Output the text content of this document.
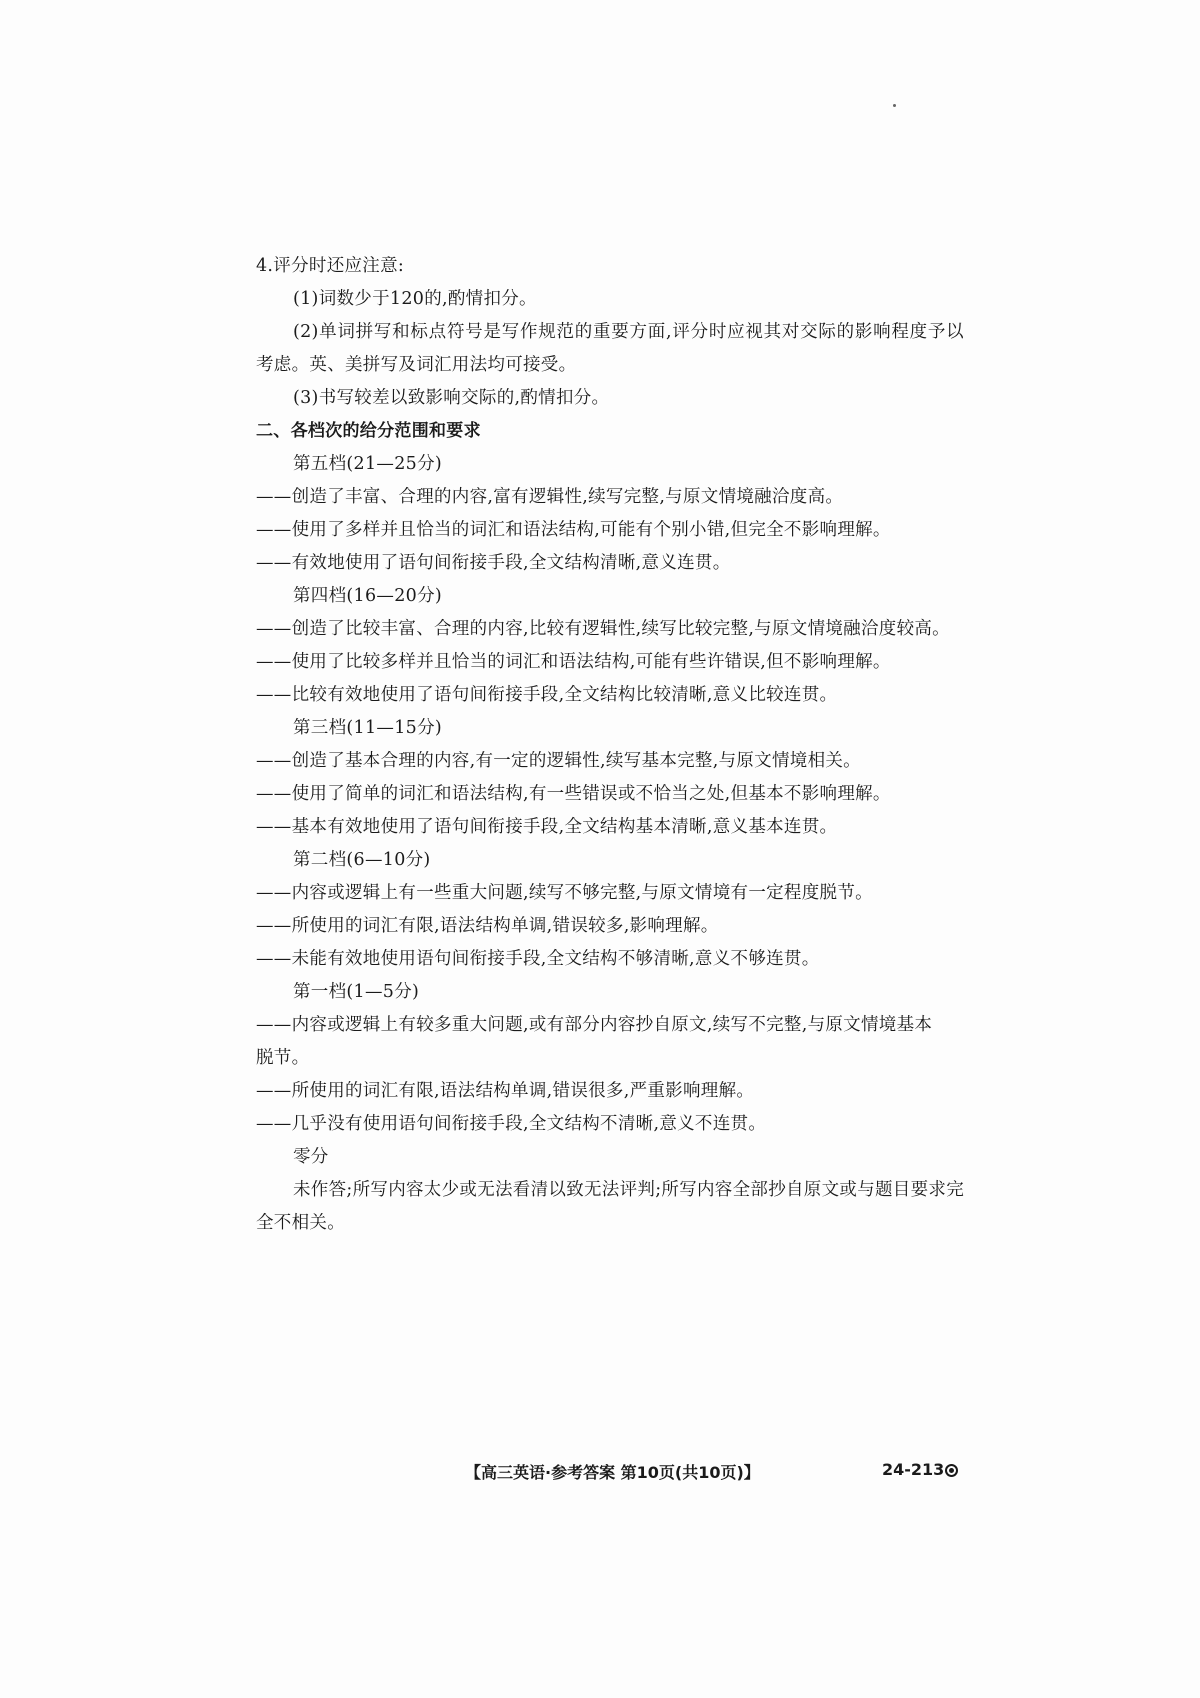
4.评分时还应注意:
(1)词数少于120的,酌情扣分。
(2)单词拼写和标点符号是写作规范的重要方面,评分时应视其对交际的影响程度予以考虑。英、美拼写及词汇用法均可接受。
(3)书写较差以致影响交际的,酌情扣分。
二、各档次的给分范围和要求
第五档(21—25分)
——创造了丰富、合理的内容,富有逻辑性,续写完整,与原文情境融洽度高。
——使用了多样并且恰当的词汇和语法结构,可能有个别小错,但完全不影响理解。
——有效地使用了语句间衔接手段,全文结构清晰,意义连贯。
第四档(16—20分)
——创造了比较丰富、合理的内容,比较有逻辑性,续写比较完整,与原文情境融洽度较高。
——使用了比较多样并且恰当的词汇和语法结构,可能有些许错误,但不影响理解。
——比较有效地使用了语句间衔接手段,全文结构比较清晰,意义比较连贯。
第三档(11—15分)
——创造了基本合理的内容,有一定的逻辑性,续写基本完整,与原文情境相关。
——使用了简单的词汇和语法结构,有一些错误或不恰当之处,但基本不影响理解。
——基本有效地使用了语句间衔接手段,全文结构基本清晰,意义基本连贯。
第二档(6—10分)
——内容或逻辑上有一些重大问题,续写不够完整,与原文情境有一定程度脱节。
——所使用的词汇有限,语法结构单调,错误较多,影响理解。
——未能有效地使用语句间衔接手段,全文结构不够清晰,意义不够连贯。
第一档(1—5分)
——内容或逻辑上有较多重大问题,或有部分内容抄自原文,续写不完整,与原文情境基本
脱节。
——所使用的词汇有限,语法结构单调,错误很多,严重影响理解。
——几乎没有使用语句间衔接手段,全文结构不清晰,意义不连贯。
零分
未作答;所写内容太少或无法看清以致无法评判;所写内容全部抄自原文或与题目要求完
全不相关。
【高三英语·参考答案 第10页(共10页)】	24-213
